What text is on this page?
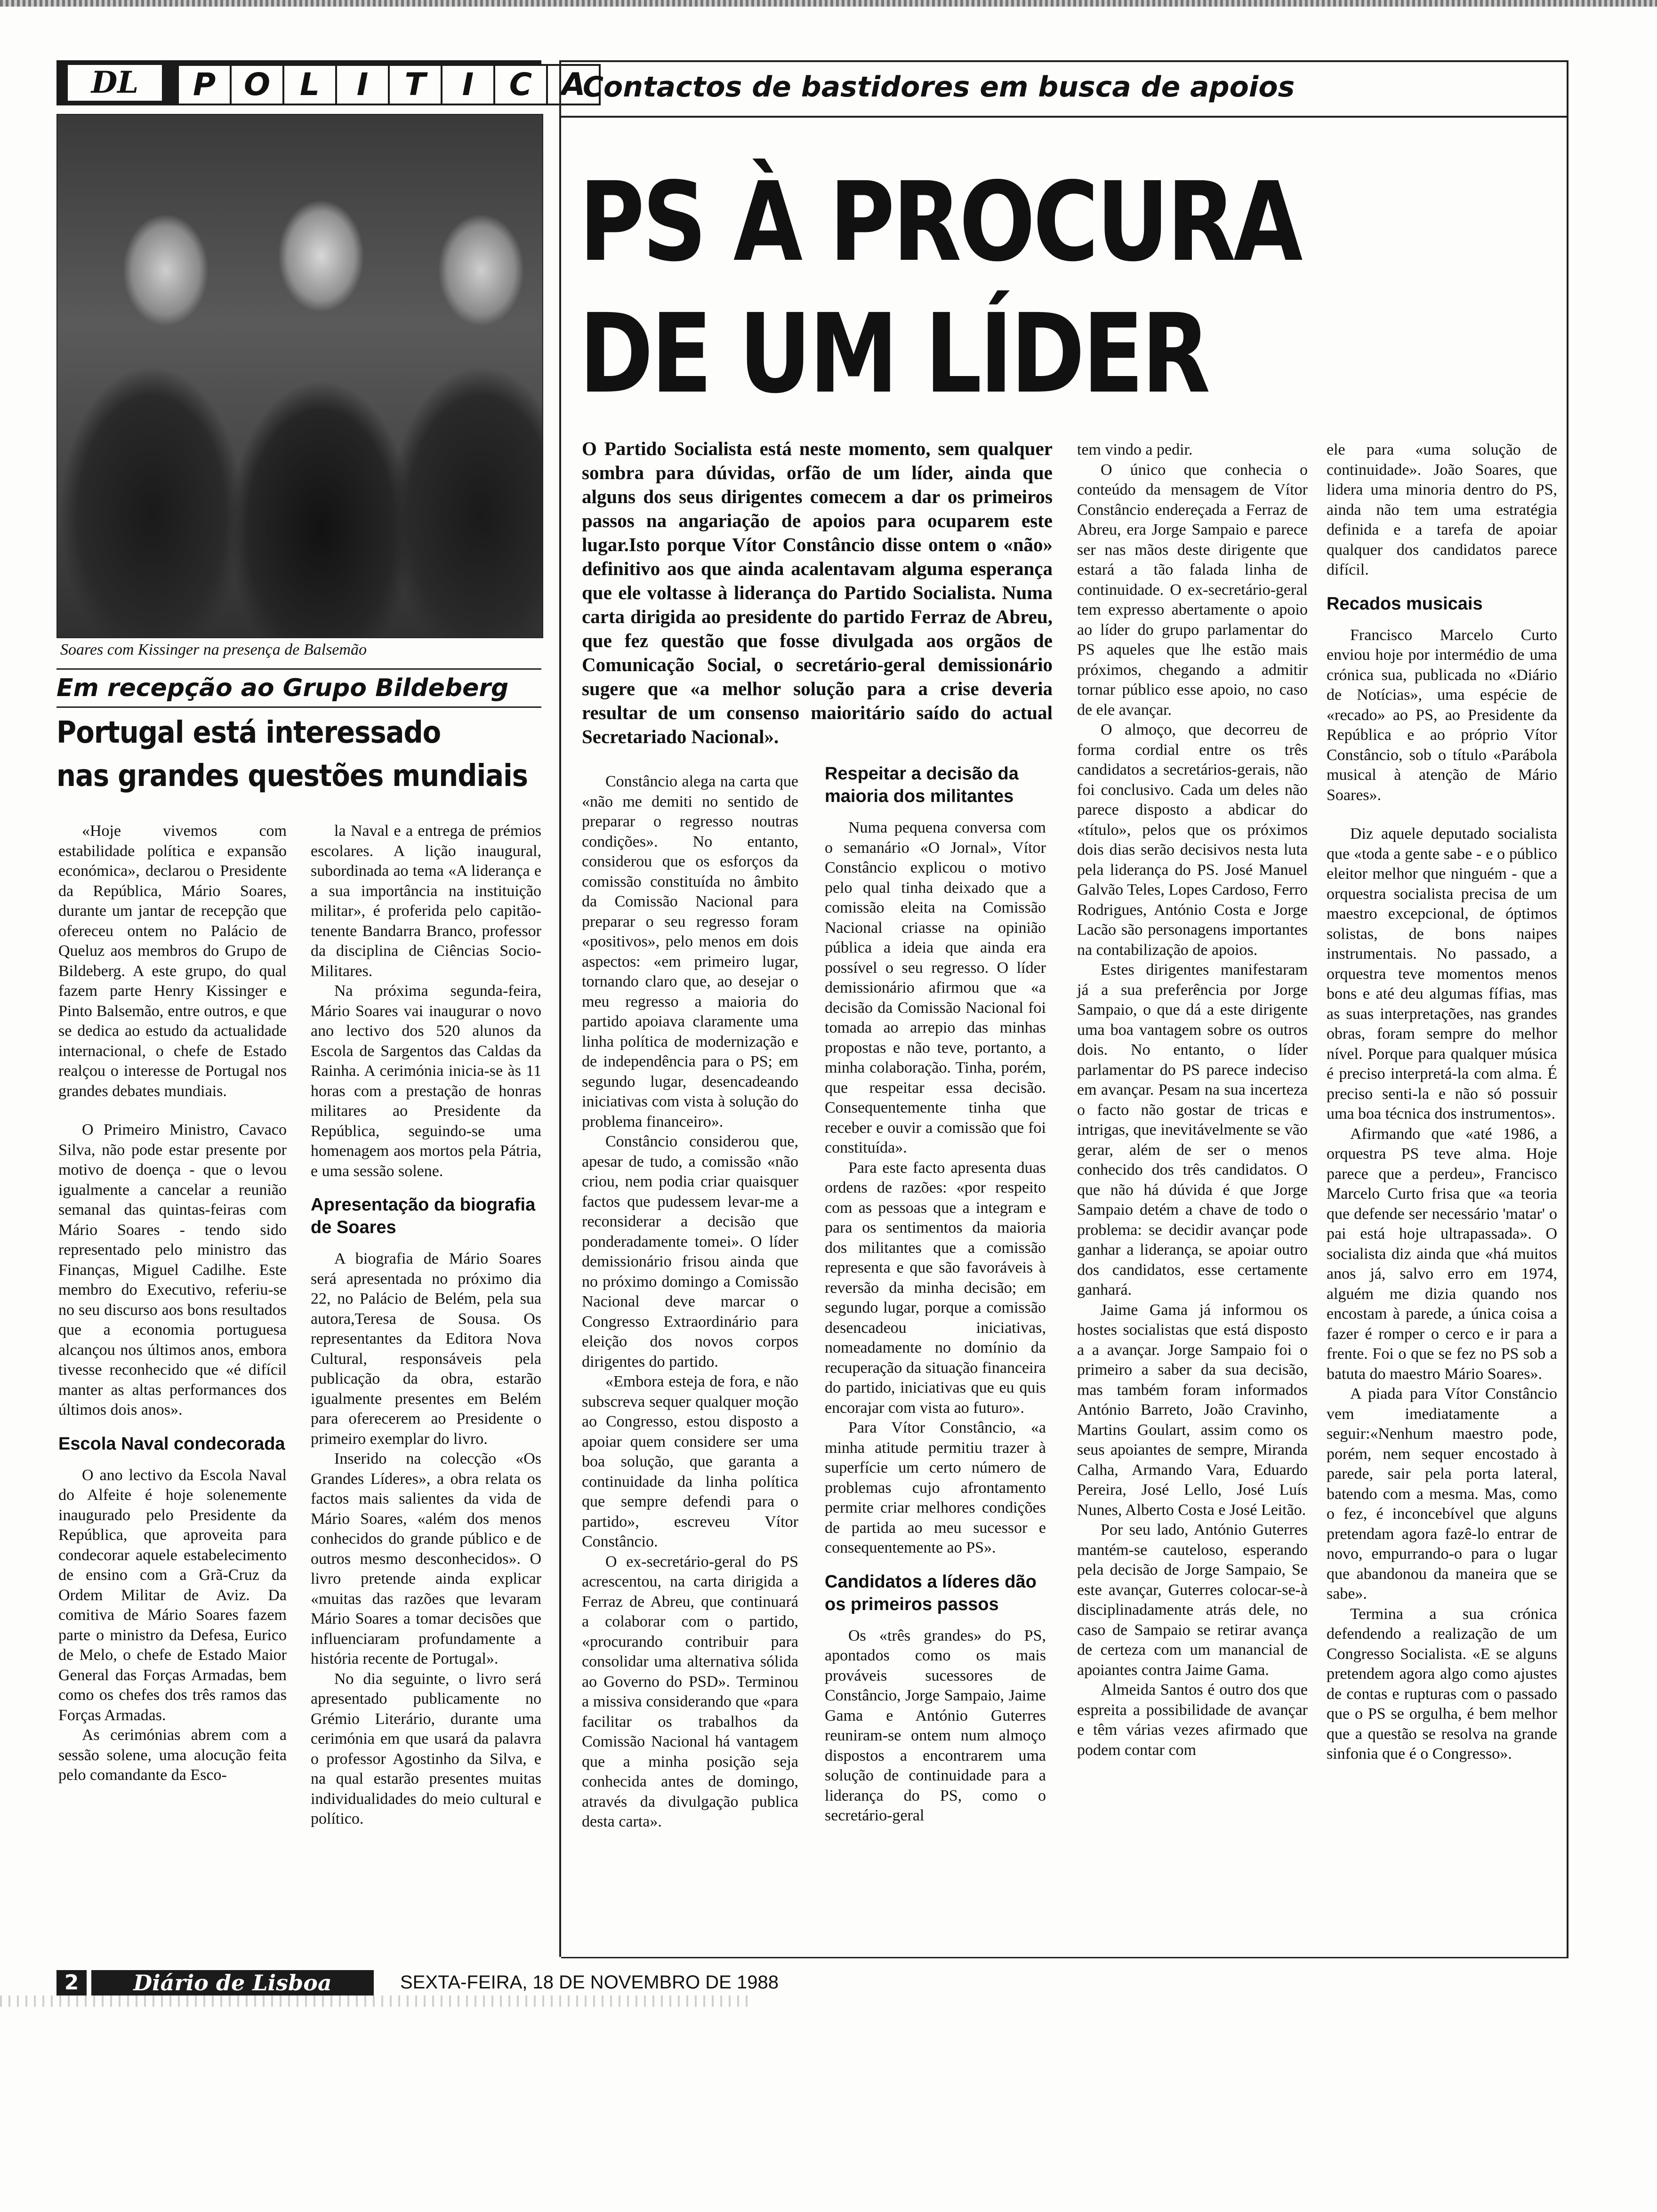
DL	P O L	I	T	I	C A
Soares com Kissinger na presença de Balsemão
Em recepção ao Grupo Bildeberg
Portugal está interessado
nas grandes questões mundiais

«Hoje vivemos com estabilidade política e expansão económica», declarou o Presidente da República, Mário Soares, durante um jantar de recepção que ofereceu ontem no Palácio de Queluz aos membros do Grupo de Bildeberg. A este grupo, do qual fazem parte Henry Kissinger e Pinto Balsemão, entre outros, e que se dedica ao estudo da actualidade internacional, o chefe de Estado realçou o interesse de Portugal nos grandes debates mundiais.

O Primeiro Ministro, Cavaco Silva, não pode estar presente por motivo de doença - que o levou igualmente a cancelar a reunião semanal das quintas-feiras com Mário Soares - tendo sido representado pelo ministro das Finanças, Miguel Cadilhe. Este membro do Executivo, referiu-se no seu discurso aos bons resultados que a economia portuguesa alcançou nos últimos anos, embora tivesse reconhecido que «é difícil manter as altas performances dos últimos dois anos».

Escola Naval condecorada

O ano lectivo da Escola Naval do Alfeite é hoje solenemente inaugurado pelo Presidente da República, que aproveita para condecorar aquele estabelecimento de ensino com a Grã-Cruz da Ordem Militar de Aviz. Da comitiva de Mário Soares fazem parte o ministro da Defesa, Eurico de Melo, o chefe de Estado Maior General das Forças Armadas, bem como os chefes dos três ramos das Forças Armadas.

As cerimónias abrem com a sessão solene, uma alocução feita pelo comandante da Esco-

la Naval e a entrega de prémios escolares. A lição inaugural, subordinada ao tema «A liderança e a sua importância na instituição militar», é proferida pelo capitão-tenente Bandarra Branco, professor da disciplina de Ciências Socio-Militares.

Na próxima segunda-feira, Mário Soares vai inaugurar o novo ano lectivo dos 520 alunos da Escola de Sargentos das Caldas da Rainha. A cerimónia inicia-se às 11 horas com a prestação de honras militares ao Presidente da República, seguindo-se uma homenagem aos mortos pela Pátria, e uma sessão solene.

Apresentação da biografia de Soares

A biografia de Mário Soares será apresentada no próximo dia 22, no Palácio de Belém, pela sua autora,Teresa de Sousa. Os representantes da Editora Nova Cultural, responsáveis pela publicação da obra, estarão igualmente presentes em Belém para oferecerem ao Presidente o primeiro exemplar do livro.

Inserido na colecção «Os Grandes Líderes», a obra relata os factos mais salientes da vida de Mário Soares, «além dos menos conhecidos do grande público e de outros mesmo desconhecidos». O livro pretende ainda explicar «muitas das razões que levaram Mário Soares a tomar decisões que influenciaram profundamente a história recente de Portugal».

No dia seguinte, o livro será apresentado publicamente no Grémio Literário, durante uma cerimónia em que usará da palavra o professor Agostinho da Silva, e na qual estarão presentes muitas individualidades do meio cultural e político.

Contactos de bastidores em busca de apoios
PS À PROCURA
DE UM LÍDER
O Partido Socialista está neste momento, sem qualquer sombra para dúvidas, orfão de um líder, ainda que alguns dos seus dirigentes comecem a dar os primeiros passos na angariação de apoios para ocuparem este lugar.Isto porque Vítor Constâncio disse ontem o «não» definitivo aos que ainda acalentavam alguma esperança que ele voltasse à liderança do Partido Socialista. Numa carta dirigida ao presidente do partido Ferraz de Abreu, que fez questão que fosse divulgada aos orgãos de Comunicação Social, o secretário-geral demissionário sugere que «a melhor solução para a crise deveria resultar de um consenso maioritário saído do actual Secretariado Nacional».

Constâncio alega na carta que «não me demiti no sentido de preparar o regresso noutras condições». No entanto, considerou que os esforços da comissão constituída no âmbito da Comissão Nacional para preparar o seu regresso foram «positivos», pelo menos em dois aspectos: «em primeiro lugar, tornando claro que, ao desejar o meu regresso a maioria do partido apoiava claramente uma linha política de modernização e de independência para o PS; em segundo lugar, desencadeando iniciativas com vista à solução do problema financeiro».

Constâncio considerou que, apesar de tudo, a comissão «não criou, nem podia criar quaisquer factos que pudessem levar-me a reconsiderar a decisão que ponderadamente tomei». O líder demissionário frisou ainda que no próximo domingo a Comissão Nacional deve marcar o Congresso Extraordinário para eleição dos novos corpos dirigentes do partido.

«Embora esteja de fora, e não subscreva sequer qualquer moção ao Congresso, estou disposto a apoiar quem considere ser uma boa solução, que garanta a continuidade da linha política que sempre defendi para o partido», escreveu Vítor Constâncio.

O ex-secretário-geral do PS acrescentou, na carta dirigida a Ferraz de Abreu, que continuará a colaborar com o partido, «procurando contribuir para consolidar uma alternativa sólida ao Governo do PSD». Terminou a missiva considerando que «para facilitar os trabalhos da Comissão Nacional há vantagem que a minha posição seja conhecida antes de domingo, através da divulgação publica desta carta».

Respeitar a decisão da maioria dos militantes

Numa pequena conversa com o semanário «O Jornal», Vítor Constâncio explicou o motivo pelo qual tinha deixado que a comissão eleita na Comissão Nacional criasse na opinião pública a ideia que ainda era possível o seu regresso. O líder demissionário afirmou que «a decisão da Comissão Nacional foi tomada ao arrepio das minhas propostas e não teve, portanto, a minha colaboração. Tinha, porém, que respeitar essa decisão. Consequentemente tinha que receber e ouvir a comissão que foi constituída».

Para este facto apresenta duas ordens de razões: «por respeito com as pessoas que a integram e para os sentimentos da maioria dos militantes que a comissão representa e que são favoráveis à reversão da minha decisão; em segundo lugar, porque a comissão desencadeou iniciativas, nomeadamente no domínio da recuperação da situação financeira do partido, iniciativas que eu quis encorajar com vista ao futuro».

Para Vítor Constâncio, «a minha atitude permitiu trazer à superfície um certo número de problemas cujo afrontamento permite criar melhores condições de partida ao meu sucessor e consequentemente ao PS».

Candidatos a líderes dão os primeiros passos

Os «três grandes» do PS, apontados como os mais prováveis sucessores de Constâncio, Jorge Sampaio, Jaime Gama e António Guterres reuniram-se ontem num almoço dispostos a encontrarem uma solução de continuidade para a liderança do PS, como o secretário-geral

tem vindo a pedir.

O único que conhecia o conteúdo da mensagem de Vítor Constâncio endereçada a Ferraz de Abreu, era Jorge Sampaio e parece ser nas mãos deste dirigente que estará a tão falada linha de continuidade. O ex-secretário-geral tem expresso abertamente o apoio ao líder do grupo parlamentar do PS aqueles que lhe estão mais próximos, chegando a admitir tornar público esse apoio, no caso de ele avançar.

O almoço, que decorreu de forma cordial entre os três candidatos a secretários-gerais, não foi conclusivo. Cada um deles não parece disposto a abdicar do «título», pelos que os próximos dois dias serão decisivos nesta luta pela liderança do PS. José Manuel Galvão Teles, Lopes Cardoso, Ferro Rodrigues, António Costa e Jorge Lacão são personagens importantes na contabilização de apoios.

Estes dirigentes manifestaram já a sua preferência por Jorge Sampaio, o que dá a este dirigente uma boa vantagem sobre os outros dois. No entanto, o líder parlamentar do PS parece indeciso em avançar. Pesam na sua incerteza o facto não gostar de tricas e intrigas, que inevitávelmente se vão gerar, além de ser o menos conhecido dos três candidatos. O que não há dúvida é que Jorge Sampaio detém a chave de todo o problema: se decidir avançar pode ganhar a liderança, se apoiar outro dos candidatos, esse certamente ganhará.

Jaime Gama já informou os hostes socialistas que está disposto a a avançar. Jorge Sampaio foi o primeiro a saber da sua decisão, mas também foram informados António Barreto, João Cravinho, Martins Goulart, assim como os seus apoiantes de sempre, Miranda Calha, Armando Vara, Eduardo Pereira, José Lello, José Luís Nunes, Alberto Costa e José Leitão.

Por seu lado, António Guterres mantém-se cauteloso, esperando pela decisão de Jorge Sampaio, Se este avançar, Guterres colocar-se-à disciplinadamente atrás dele, no caso de Sampaio se retirar avança de certeza com um manancial de apoiantes contra Jaime Gama.

Almeida Santos é outro dos que espreita a possibilidade de avançar e têm várias vezes afirmado que podem contar com

ele para «uma solução de continuidade». João Soares, que lidera uma minoria dentro do PS, ainda não tem uma estratégia definida e a tarefa de apoiar qualquer dos candidatos parece difícil.

Recados musicais

Francisco Marcelo Curto enviou hoje por intermédio de uma crónica sua, publicada no «Diário de Notícias», uma espécie de «recado» ao PS, ao Presidente da República e ao próprio Vítor Constâncio, sob o título «Parábola musical à atenção de Mário Soares».

Diz aquele deputado socialista que «toda a gente sabe - e o público eleitor melhor que ninguém - que a orquestra socialista precisa de um maestro excepcional, de óptimos solistas, de bons naipes instrumentais. No passado, a orquestra teve momentos menos bons e até deu algumas fífias, mas as suas interpretações, nas grandes obras, foram sempre do melhor nível. Porque para qualquer música é preciso interpretá-la com alma. É preciso senti-la e não só possuir uma boa técnica dos instrumentos».

Afirmando que «até 1986, a orquestra PS teve alma. Hoje parece que a perdeu», Francisco Marcelo Curto frisa que «a teoria que defende ser necessário 'matar' o pai está hoje ultrapassada». O socialista diz ainda que «há muitos anos já, salvo erro em 1974, alguém me dizia quando nos encostam à parede, a única coisa a fazer é romper o cerco e ir para a frente. Foi o que se fez no PS sob a batuta do maestro Mário Soares».

A piada para Vítor Constâncio vem imediatamente a seguir:«Nenhum maestro pode, porém, nem sequer encostado à parede, sair pela porta lateral, batendo com a mesma. Mas, como o fez, é inconcebível que alguns pretendam agora fazê-lo entrar de novo, empurrando-o para o lugar que abandonou da maneira que se sabe».

Termina a sua crónica defendendo a realização de um Congresso Socialista. «E se alguns pretendem agora algo como ajustes de contas e rupturas com o passado que o PS se orgulha, é bem melhor que a questão se resolva na grande sinfonia que é o Congresso».

2	Diário de Lisboa	SEXTA-FEIRA, 18 DE NOVEMBRO DE 1988
